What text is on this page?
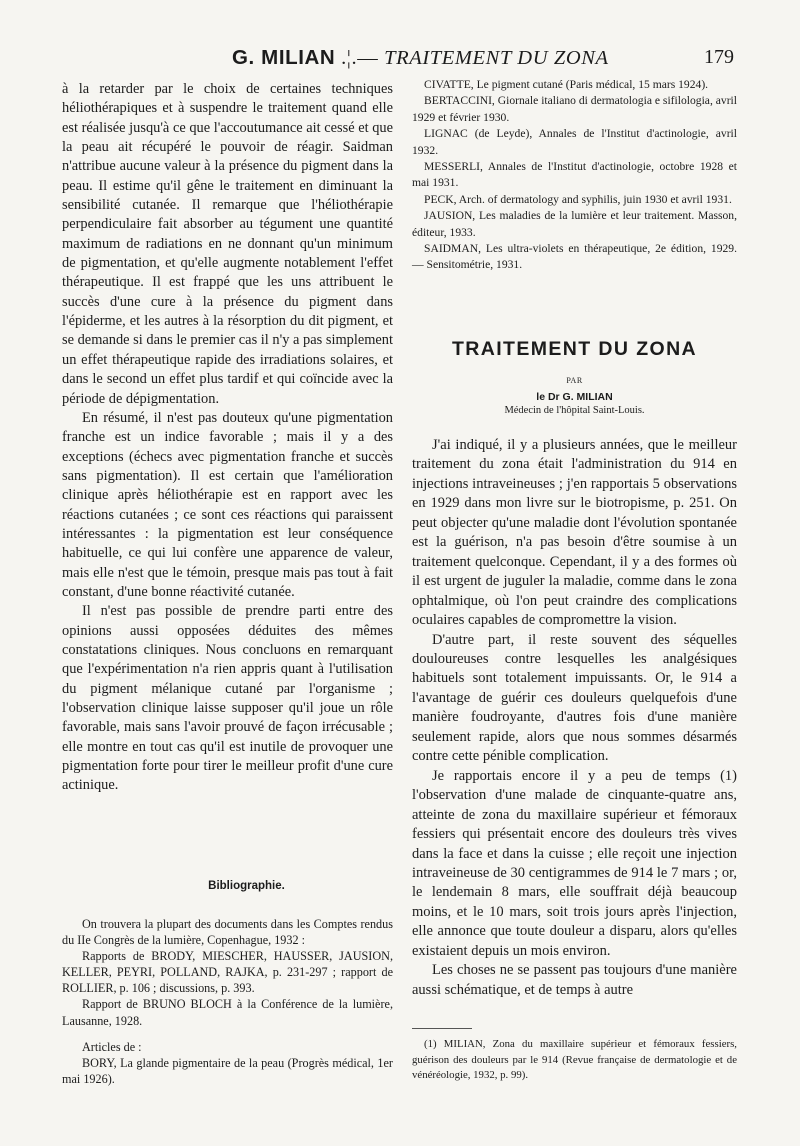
G. MILIAN .¦.— TRAITEMENT DU ZONA	179

à la retarder par le choix de certaines techniques héliothérapiques et à suspendre le traitement quand elle est réalisée jusqu'à ce que l'accoutumance ait cessé et que la peau ait récupéré le pouvoir de réagir. Saidman n'attribue aucune valeur à la présence du pigment dans la peau. Il estime qu'il gêne le traitement en diminuant la sensibilité cutanée. Il remarque que l'héliothérapie perpendiculaire fait absorber au tégument une quantité maximum de radiations en ne donnant qu'un minimum de pigmentation, et qu'elle augmente notablement l'effet thérapeutique. Il est frappé que les uns attribuent le succès d'une cure à la présence du pigment dans l'épiderme, et les autres à la résorption du dit pigment, et se demande si dans le premier cas il n'y a pas simplement un effet thérapeutique rapide des irradiations solaires, et dans le second un effet plus tardif et qui coïncide avec la période de dépigmentation.

En résumé, il n'est pas douteux qu'une pigmentation franche est un indice favorable ; mais il y a des exceptions (échecs avec pigmentation franche et succès sans pigmentation). Il est certain que l'amélioration clinique après héliothérapie est en rapport avec les réactions cutanées ; ce sont ces réactions qui paraissent intéressantes : la pigmentation est leur conséquence habituelle, ce qui lui confère une apparence de valeur, mais elle n'est que le témoin, presque mais pas tout à fait constant, d'une bonne réactivité cutanée.

Il n'est pas possible de prendre parti entre des opinions aussi opposées déduites des mêmes constatations cliniques. Nous concluons en remarquant que l'expérimentation n'a rien appris quant à l'utilisation du pigment mélanique cutané par l'organisme ; l'observation clinique laisse supposer qu'il joue un rôle favorable, mais sans l'avoir prouvé de façon irrécusable ; elle montre en tout cas qu'il est inutile de provoquer une pigmentation forte pour tirer le meilleur profit d'une cure actinique.

Bibliographie.

On trouvera la plupart des documents dans les Comptes rendus du IIe Congrès de la lumière, Copenhague, 1932 :

Rapports de BRODY, MIESCHER, HAUSSER, JAUSION, KELLER, PEYRI, POLLAND, RAJKA, p. 231-297 ; rapport de ROLLIER, p. 106 ; discussions, p. 393.

Rapport de BRUNO BLOCH à la Conférence de la lumière, Lausanne, 1928.

Articles de :

BORY, La glande pigmentaire de la peau (Progrès médical, 1er mai 1926).

CIVATTE, Le pigment cutané (Paris médical, 15 mars 1924).

BERTACCINI, Giornale italiano di dermatologia e sifilologia, avril 1929 et février 1930.

LIGNAC (de Leyde), Annales de l'Institut d'actinologie, avril 1932.

MESSERLI, Annales de l'Institut d'actinologie, octobre 1928 et mai 1931.

PECK, Arch. of dermatology and syphilis, juin 1930 et avril 1931.

JAUSION, Les maladies de la lumière et leur traitement. Masson, éditeur, 1933.

SAIDMAN, Les ultra-violets en thérapeutique, 2e édition, 1929. — Sensitométrie, 1931.

TRAITEMENT DU ZONA
PAR
le Dr G. MILIAN
Médecin de l'hôpital Saint-Louis.

J'ai indiqué, il y a plusieurs années, que le meilleur traitement du zona était l'administration du 914 en injections intraveineuses ; j'en rapportais 5 observations en 1929 dans mon livre sur le biotropisme, p. 251. On peut objecter qu'une maladie dont l'évolution spontanée est la guérison, n'a pas besoin d'être soumise à un traitement quelconque. Cependant, il y a des formes où il est urgent de juguler la maladie, comme dans le zona ophtalmique, où l'on peut craindre des complications oculaires capables de compromettre la vision.

D'autre part, il reste souvent des séquelles douloureuses contre lesquelles les analgésiques habituels sont totalement impuissants. Or, le 914 a l'avantage de guérir ces douleurs quelquefois d'une manière foudroyante, d'autres fois d'une manière seulement rapide, alors que nous sommes désarmés contre cette pénible complication.

Je rapportais encore il y a peu de temps (1) l'observation d'une malade de cinquante-quatre ans, atteinte de zona du maxillaire supérieur et fémoraux fessiers qui présentait encore des douleurs très vives dans la face et dans la cuisse ; elle reçoit une injection intraveineuse de 30 centigrammes de 914 le 7 mars ; or, le lendemain 8 mars, elle souffrait déjà beaucoup moins, et le 10 mars, soit trois jours après l'injection, elle annonce que toute douleur a disparu, alors qu'elles existaient depuis un mois environ.

Les choses ne se passent pas toujours d'une manière aussi schématique, et de temps à autre

(1) MILIAN, Zona du maxillaire supérieur et fémoraux fessiers, guérison des douleurs par le 914 (Revue française de dermatologie et de vénéréologie, 1932, p. 99).
